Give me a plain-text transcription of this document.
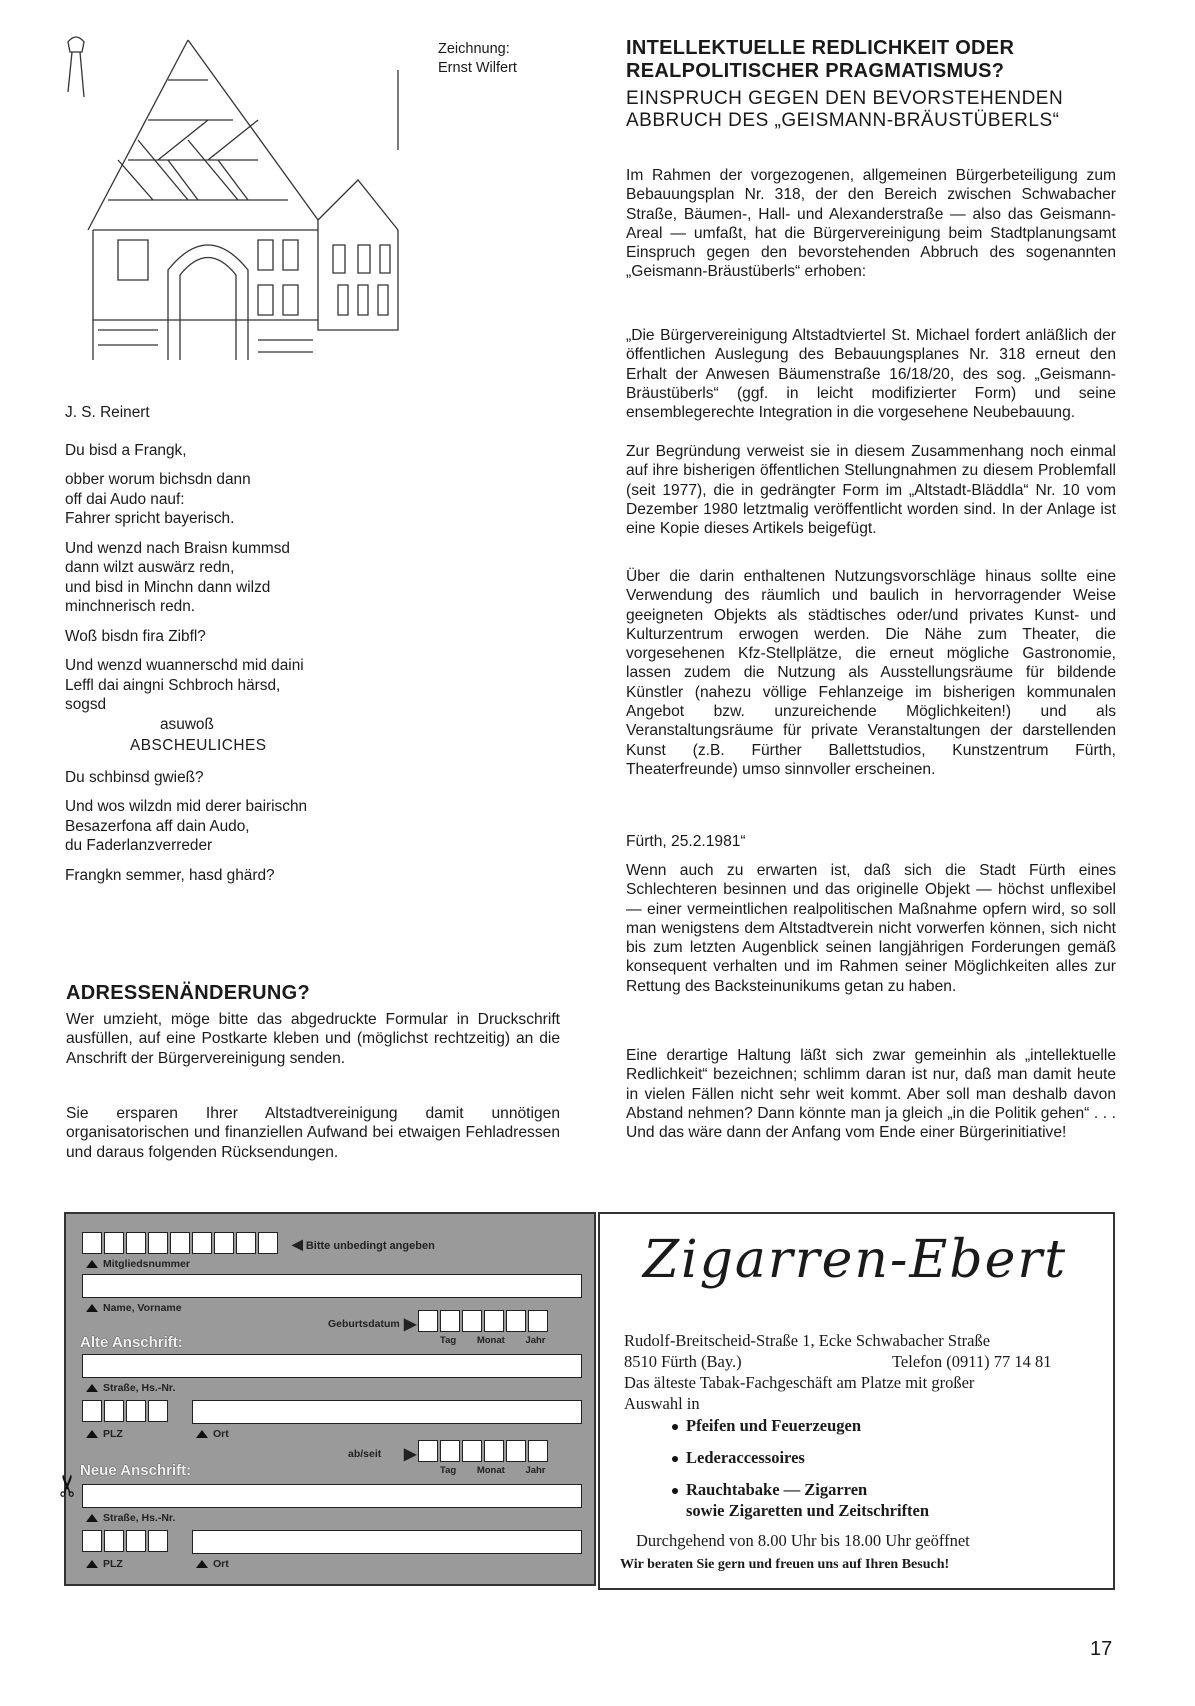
Zeichnung:
Ernst Wilfert

J. S. Reinert

Du bisd a Frangk,

obber worum bichsdn dann
off dai Audo nauf:
Fahrer spricht bayerisch.

Und wenzd nach Braisn kummsd
dann wilzt auswärz redn,
und bisd in Minchn dann wilzd
minchnerisch redn.

Woß bisdn fira Zibfl?

Und wenzd wuannerschd mid daini
Leffl dai aingni Schbroch härsd,
sogsd

asuwoß

ABSCHEULICHES

Du schbinsd gwieß?

Und wos wilzdn mid derer bairischn
Besazerfona aff dain Audo,
du Faderlanzverreder

Frangkn semmer, hasd ghärd?

ADRESSENÄNDERUNG?
Wer umzieht, möge bitte das abgedruckte Formular in Druckschrift ausfüllen, auf eine Postkarte kleben und (möglichst rechtzeitig) an die Anschrift der Bürgervereinigung senden.
Sie ersparen Ihrer Altstadtvereinigung damit unnötigen organisatorischen und finanziellen Aufwand bei etwaigen Fehladressen und daraus folgenden Rücksendungen.
INTELLEKTUELLE REDLICHKEIT ODER REALPOLITISCHER PRAGMATISMUS?
EINSPRUCH GEGEN DEN BEVORSTEHENDEN ABBRUCH DES „GEISMANN-BRÄUSTÜBERLS“
Im Rahmen der vorgezogenen, allgemeinen Bürgerbeteiligung zum Bebauungsplan Nr. 318, der den Bereich zwischen Schwabacher Straße, Bäumen-, Hall- und Alexanderstraße — also das Geismann-Areal — umfaßt, hat die Bürgervereinigung beim Stadtplanungsamt Einspruch gegen den bevorstehenden Abbruch des sogenannten „Geismann-Bräustüberls“ erhoben:
„Die Bürgervereinigung Altstadtviertel St. Michael fordert anläßlich der öffentlichen Auslegung des Bebauungsplanes Nr. 318 erneut den Erhalt der Anwesen Bäumenstraße 16/18/20, des sog. „Geismann-Bräustüberls“ (ggf. in leicht modifizierter Form) und seine ensemblegerechte Integration in die vorgesehene Neubebauung.
Zur Begründung verweist sie in diesem Zusammenhang noch einmal auf ihre bisherigen öffentlichen Stellungnahmen zu diesem Problemfall (seit 1977), die in gedrängter Form im „Altstadt-Bläddla“ Nr. 10 vom Dezember 1980 letztmalig veröffentlicht worden sind. In der Anlage ist eine Kopie dieses Artikels beigefügt.
Über die darin enthaltenen Nutzungsvorschläge hinaus sollte eine Verwendung des räumlich und baulich in hervorragender Weise geeigneten Objekts als städtisches oder/und privates Kunst- und Kulturzentrum erwogen werden. Die Nähe zum Theater, die vorgesehenen Kfz-Stellplätze, die erneut mögliche Gastronomie, lassen zudem die Nutzung als Ausstellungsräume für bildende Künstler (nahezu völlige Fehlanzeige im bisherigen kommunalen Angebot bzw. unzureichende Möglichkeiten!) und als Veranstaltungsräume für private Veranstaltungen der darstellenden Kunst (z.B. Fürther Ballettstudios, Kunstzentrum Fürth, Theaterfreunde) umso sinnvoller erscheinen.
Fürth, 25.2.1981“
Wenn auch zu erwarten ist, daß sich die Stadt Fürth eines Schlechteren besinnen und das originelle Objekt — höchst unflexibel — einer vermeintlichen realpolitischen Maßnahme opfern wird, so soll man wenigstens dem Altstadtverein nicht vorwerfen können, sich nicht bis zum letzten Augenblick seinen langjährigen Forderungen gemäß konsequent verhalten und im Rahmen seiner Möglichkeiten alles zur Rettung des Backsteinunikums getan zu haben.
Eine derartige Haltung läßt sich zwar gemeinhin als „intellektuelle Redlichkeit“ bezeichnen; schlimm daran ist nur, daß man damit heute in vielen Fällen nicht sehr weit kommt. Aber soll man deshalb davon Abstand nehmen? Dann könnte man ja gleich „in die Politik gehen“ . . . Und das wäre dann der Anfang vom Ende einer Bürgerinitiative!
◀ Bitte unbedingt angeben
Mitgliedsnummer
Name, Vorname
Geburtsdatum ▶
Tag Monat Jahr
Alte Anschrift:
Straße, Hs.-Nr.
PLZ	Ort
ab/seit ▶
Tag Monat Jahr
Neue Anschrift:
Straße, Hs.-Nr.
PLZ	Ort
✂
Zigarren-Ebert
Rudolf-Breitscheid-Straße 1, Ecke Schwabacher Straße
8510 Fürth (Bay.)	Telefon (0911) 77 14 81
Das älteste Tabak-Fachgeschäft am Platze mit großer
Auswahl in
Pfeifen und Feuerzeugen
Lederaccessoires
Rauchtabake — Zigarren
sowie Zigaretten und Zeitschriften
Durchgehend von 8.00 Uhr bis 18.00 Uhr geöffnet
Wir beraten Sie gern und freuen uns auf Ihren Besuch!
17
